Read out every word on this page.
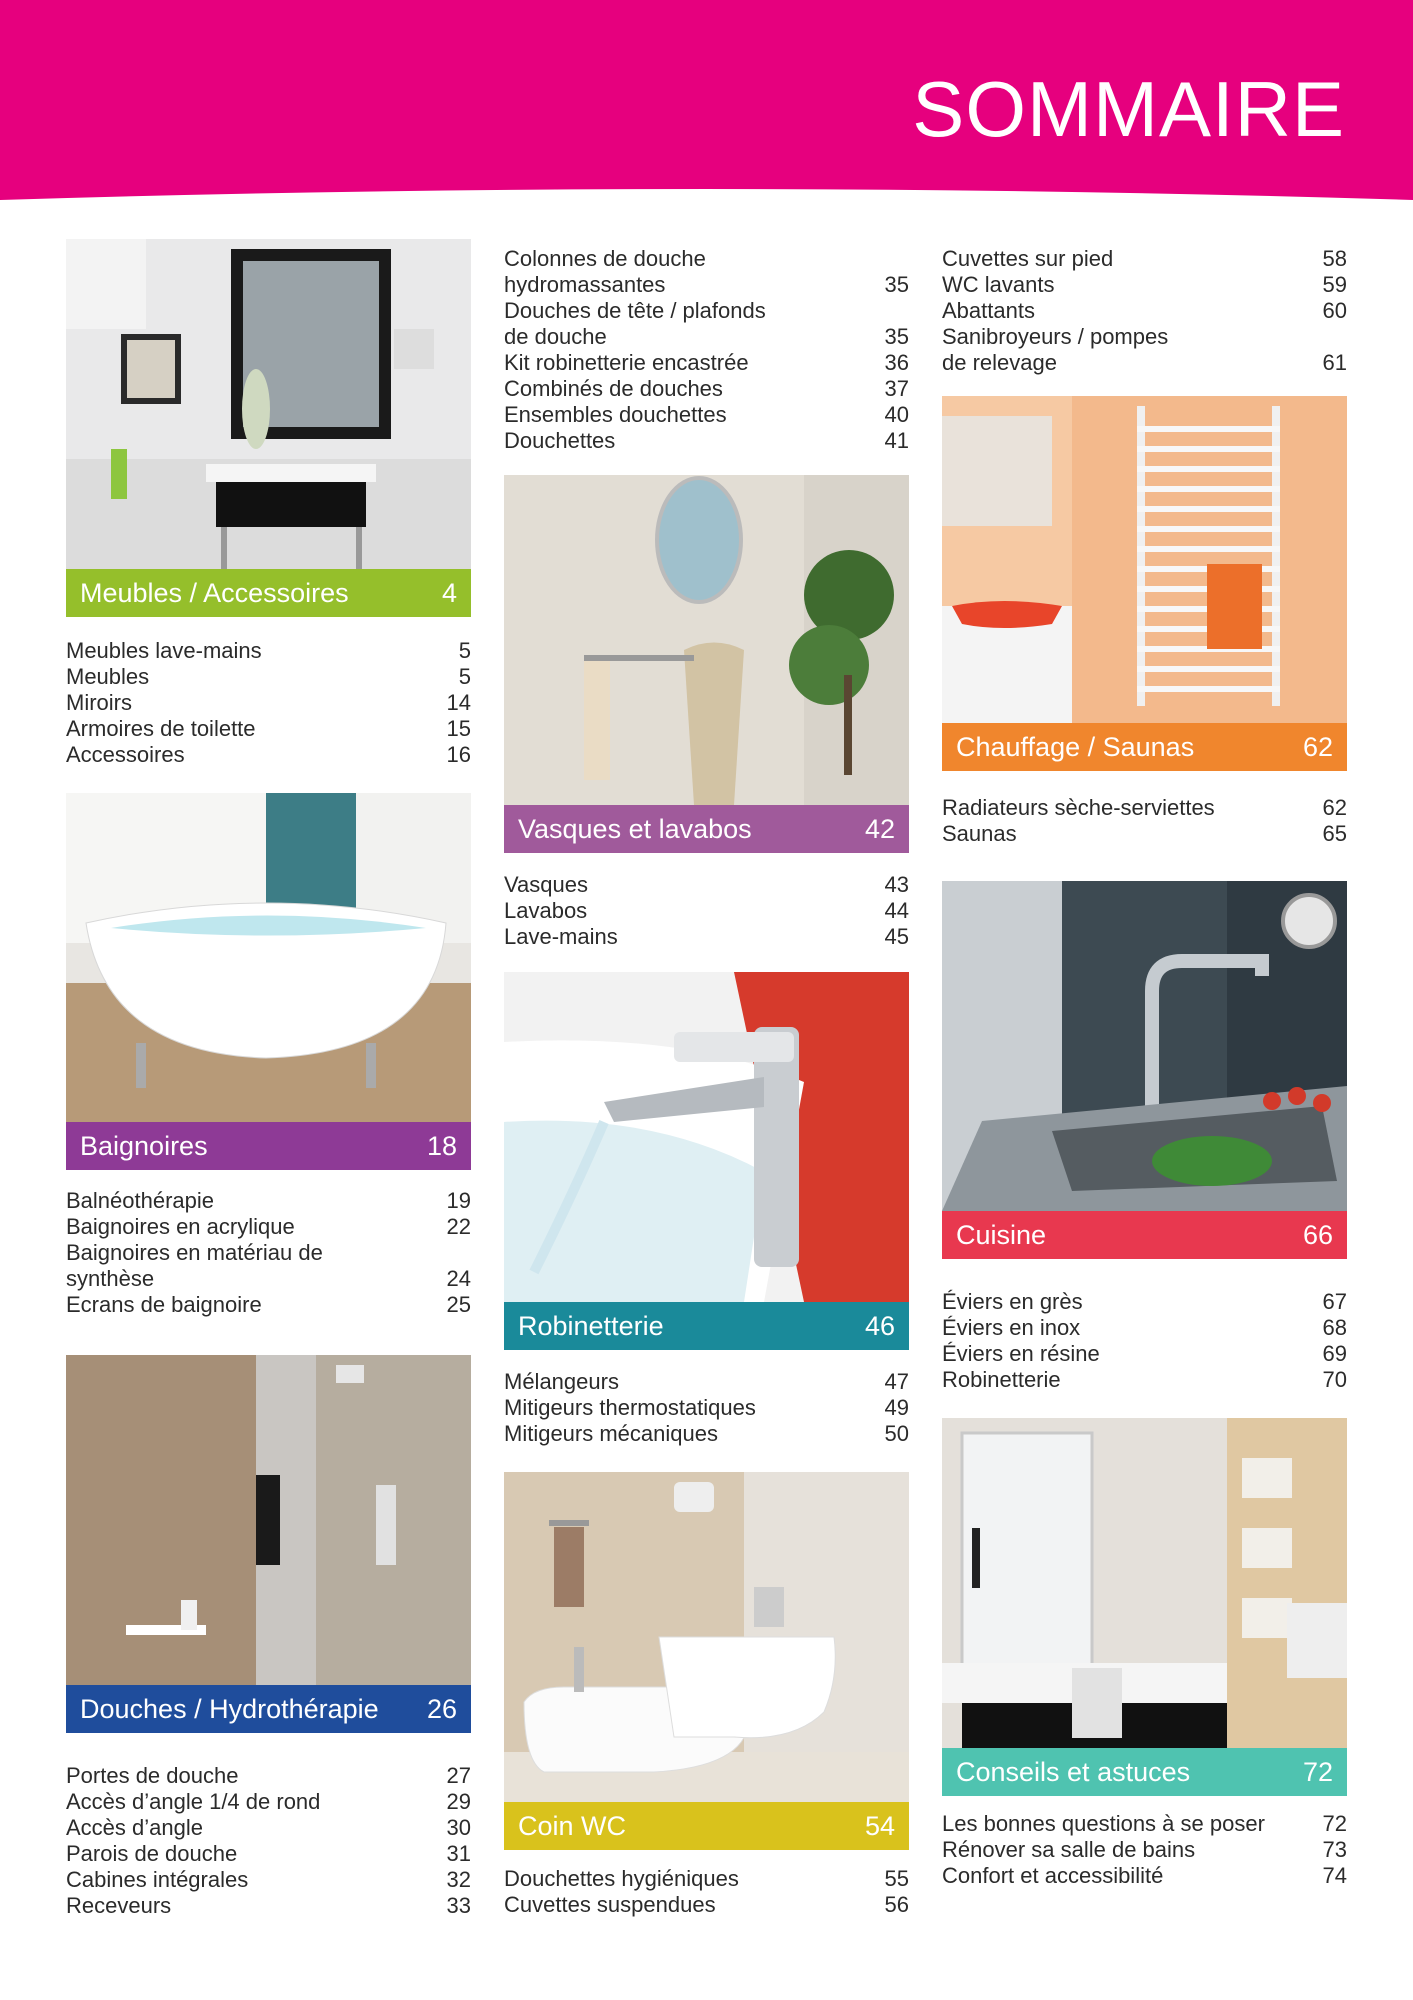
SOMMAIRE
Meubles / Accessoires	4
Meubles lave-mains	5
Meubles	5
Miroirs	14
Armoires de toilette	15
Accessoires	16
Baignoires	18
Balnéothérapie	19
Baignoires en acrylique	22
Baignoires en matériau de
synthèse	24
Ecrans de baignoire	25
Douches / Hydrothérapie 26
Portes de douche	27
Accès d’angle 1/4 de rond	29
Accès d’angle	30
Parois de douche	31
Cabines intégrales	32
Receveurs	33
Colonnes de douche
hydromassantes	35
Douches de tête / plafonds
de douche	35
Kit robinetterie encastrée	36
Combinés de douches	37
Ensembles douchettes	40
Douchettes	41
Vasques et lavabos	42
Vasques	43
Lavabos	44
Lave-mains	45
Robinetterie	46
Mélangeurs	47
Mitigeurs thermostatiques	49
Mitigeurs mécaniques	50
Coin WC	54
Douchettes hygiéniques	55
Cuvettes suspendues	56
Cuvettes sur pied	58
WC lavants	59
Abattants	60
Sanibroyeurs / pompes
de relevage	61
Chauffage / Saunas	62
Radiateurs sèche-serviettes	62
Saunas	65
Cuisine	66
Éviers en grès	67
Éviers en inox	68
Éviers en résine	69
Robinetterie	70
Conseils et astuces	72
Les bonnes questions à se poser	72
Rénover sa salle de bains	73
Confort et accessibilité	74
